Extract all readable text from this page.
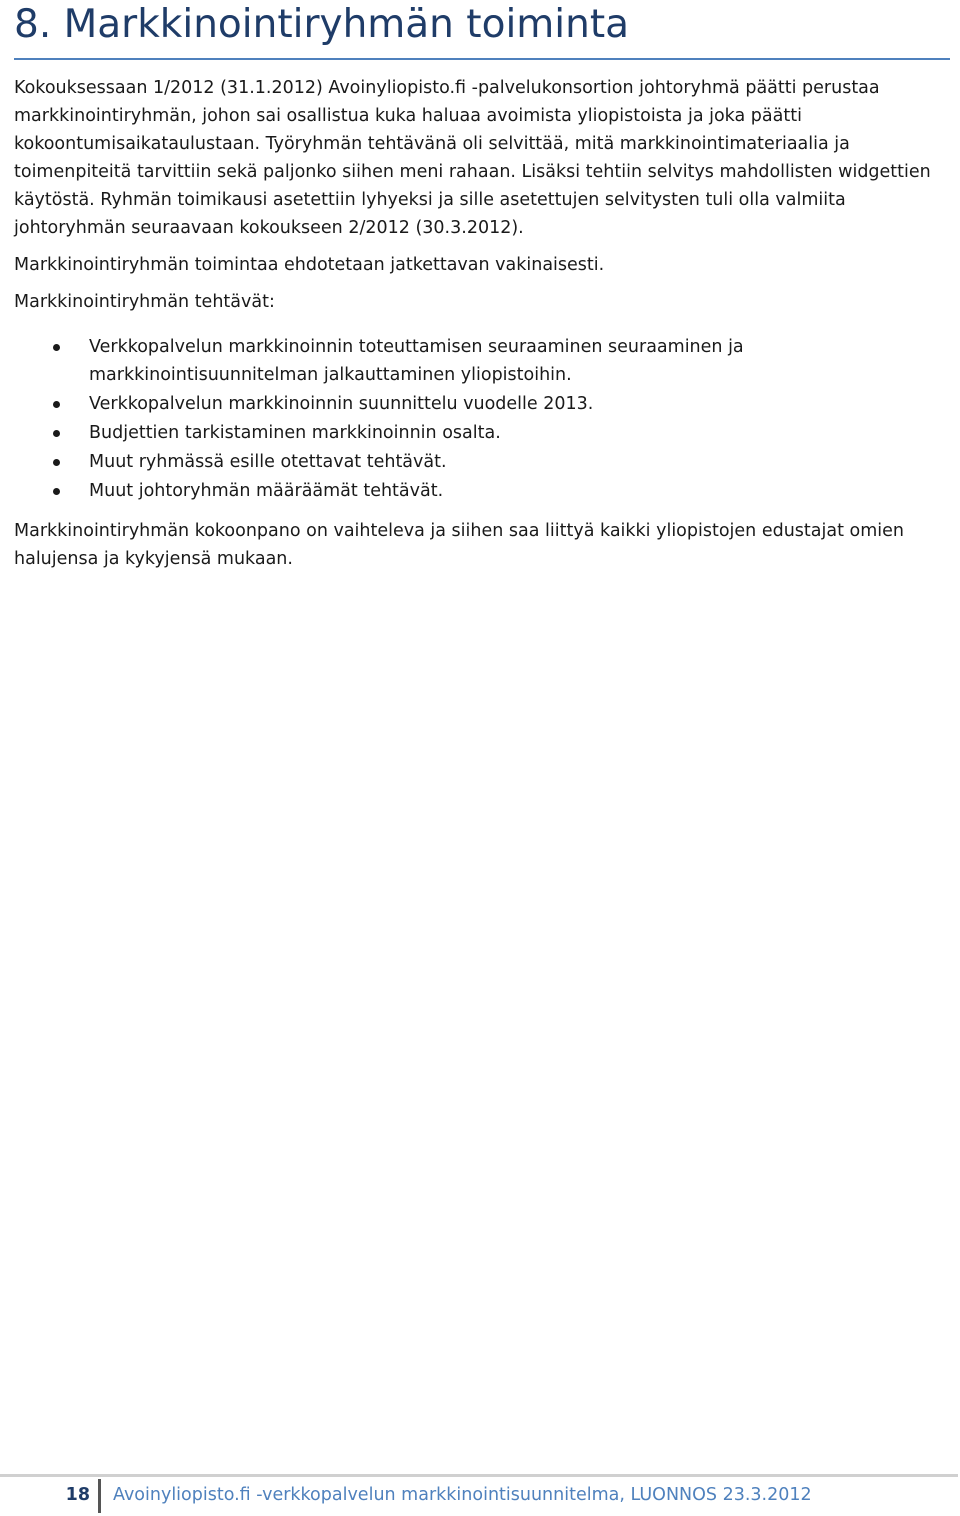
8. Markkinointiryhmän toiminta

Kokouksessaan 1/2012 (31.1.2012) Avoinyliopisto.fi -palvelukonsortion johtoryhmä päätti perustaa markkinointiryhmän, johon sai osallistua kuka haluaa avoimista yliopistoista ja joka päätti kokoontumisaikataulustaan. Työryhmän tehtävänä oli selvittää, mitä markkinointimateriaalia ja toimenpiteitä tarvittiin sekä paljonko siihen meni rahaan. Lisäksi tehtiin selvitys mahdollisten widgettien käytöstä. Ryhmän toimikausi asetettiin lyhyeksi ja sille asetettujen selvitysten tuli olla valmiita johtoryhmän seuraavaan kokoukseen 2/2012 (30.3.2012).

Markkinointiryhmän toimintaa ehdotetaan jatkettavan vakinaisesti.

Markkinointiryhmän tehtävät:

Verkkopalvelun markkinoinnin toteuttamisen seuraaminen seuraaminen ja markkinointisuunnitelman jalkauttaminen yliopistoihin.
Verkkopalvelun markkinoinnin suunnittelu vuodelle 2013.
Budjettien tarkistaminen markkinoinnin osalta.
Muut ryhmässä esille otettavat tehtävät.
Muut johtoryhmän määräämät tehtävät.

Markkinointiryhmän kokoonpano on vaihteleva ja siihen saa liittyä kaikki yliopistojen edustajat omien halujensa ja kykyjensä mukaan.

18 Avoinyliopisto.fi -verkkopalvelun markkinointisuunnitelma, LUONNOS 23.3.2012
